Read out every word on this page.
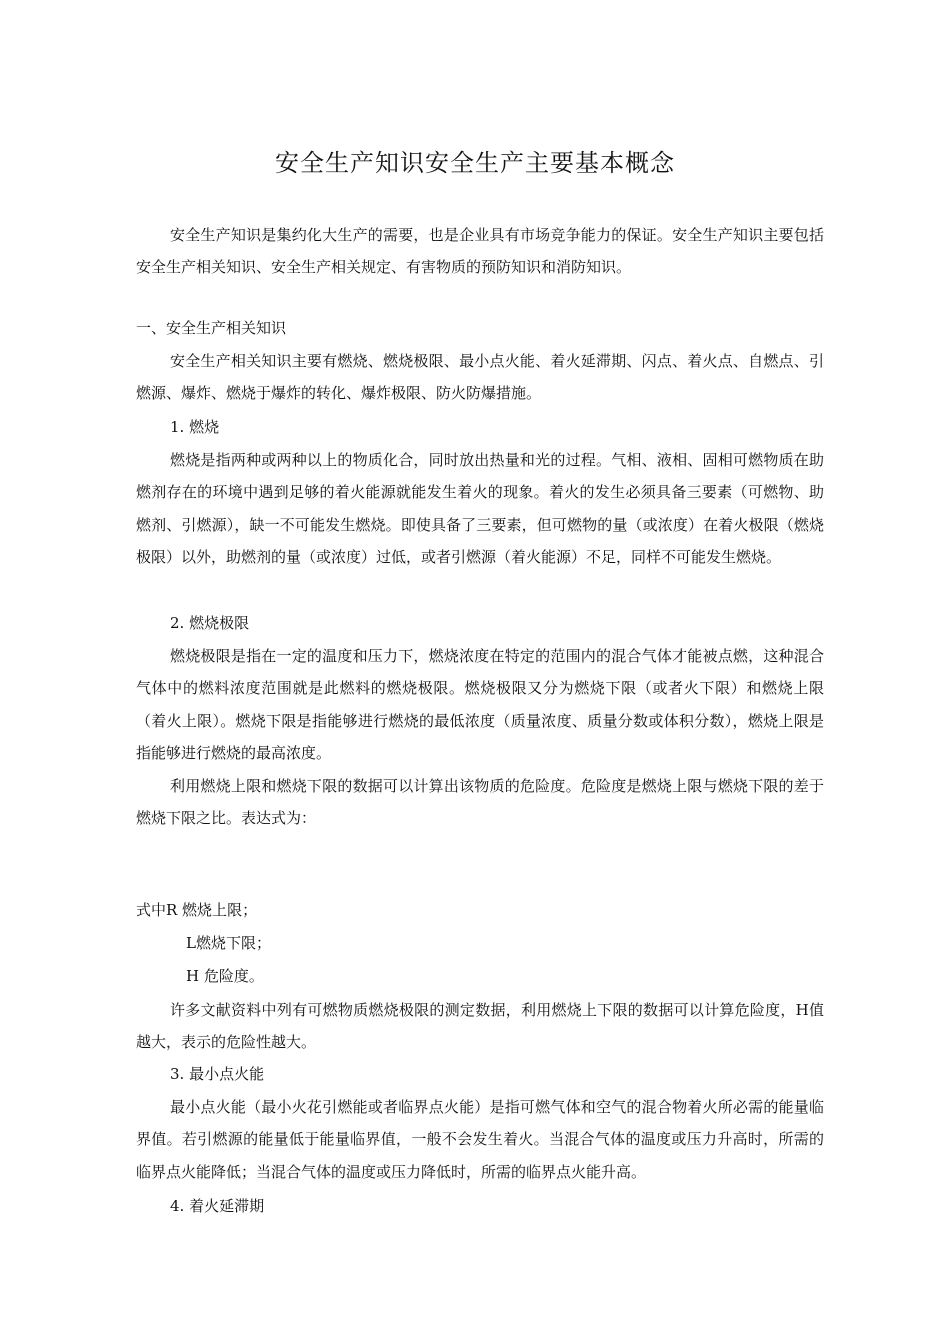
安全生产知识安全生产主要基本概念

安全生产知识是集约化大生产的需要，也是企业具有市场竞争能力的保证。安全生产知识主要包括安全生产相关知识、安全生产相关规定、有害物质的预防知识和消防知识。

一、安全生产相关知识

安全生产相关知识主要有燃烧、燃烧极限、最小点火能、着火延滞期、闪点、着火点、自燃点、引燃源、爆炸、燃烧于爆炸的转化、爆炸极限、防火防爆措施。

1. 燃烧

燃烧是指两种或两种以上的物质化合，同时放出热量和光的过程。气相、液相、固相可燃物质在助燃剂存在的环境中遇到足够的着火能源就能发生着火的现象。着火的发生必须具备三要素（可燃物、助燃剂、引燃源），缺一不可能发生燃烧。即使具备了三要素，但可燃物的量（或浓度）在着火极限（燃烧极限）以外，助燃剂的量（或浓度）过低，或者引燃源（着火能源）不足，同样不可能发生燃烧。

2. 燃烧极限

燃烧极限是指在一定的温度和压力下，燃烧浓度在特定的范围内的混合气体才能被点燃，这种混合气体中的燃料浓度范围就是此燃料的燃烧极限。燃烧极限又分为燃烧下限（或者火下限）和燃烧上限（着火上限）。燃烧下限是指能够进行燃烧的最低浓度（质量浓度、质量分数或体积分数），燃烧上限是指能够进行燃烧的最高浓度。

利用燃烧上限和燃烧下限的数据可以计算出该物质的危险度。危险度是燃烧上限与燃烧下限的差于燃烧下限之比。表达式为：

式中R 燃烧上限；

L燃烧下限；

H 危险度。

许多文献资料中列有可燃物质燃烧极限的测定数据，利用燃烧上下限的数据可以计算危险度，H值越大，表示的危险性越大。

3. 最小点火能

最小点火能（最小火花引燃能或者临界点火能）是指可燃气体和空气的混合物着火所必需的能量临界值。若引燃源的能量低于能量临界值，一般不会发生着火。当混合气体的温度或压力升高时，所需的临界点火能降低；当混合气体的温度或压力降低时，所需的临界点火能升高。

4. 着火延滞期
